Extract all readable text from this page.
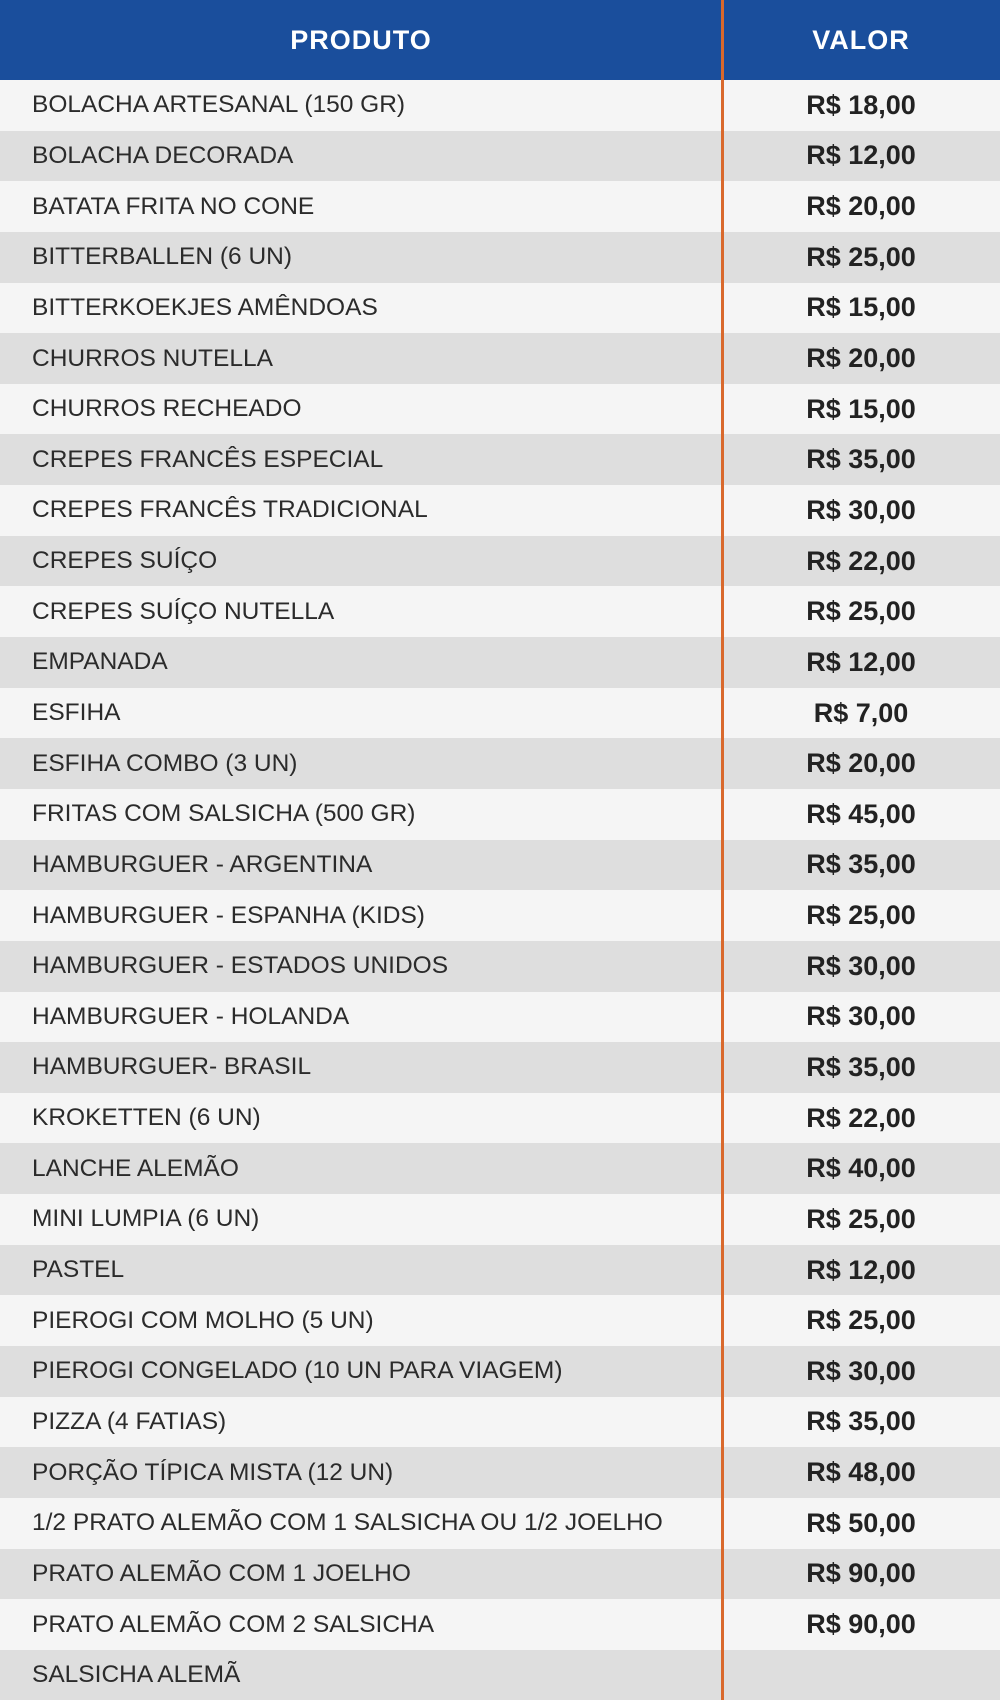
PRODUTO	VALOR
BOLACHA ARTESANAL (150 GR)	R$ 18,00
BOLACHA DECORADA	R$ 12,00
BATATA FRITA NO CONE	R$ 20,00
BITTERBALLEN (6 UN)	R$ 25,00
BITTERKOEKJES AMÊNDOAS	R$ 15,00
CHURROS NUTELLA	R$ 20,00
CHURROS RECHEADO	R$ 15,00
CREPES FRANCÊS ESPECIAL	R$ 35,00
CREPES FRANCÊS TRADICIONAL	R$ 30,00
CREPES SUÍÇO	R$ 22,00
CREPES SUÍÇO NUTELLA	R$ 25,00
EMPANADA	R$ 12,00
ESFIHA	R$ 7,00
ESFIHA COMBO (3 UN)	R$ 20,00
FRITAS COM SALSICHA (500 GR)	R$ 45,00
HAMBURGUER - ARGENTINA	R$ 35,00
HAMBURGUER - ESPANHA (KIDS)	R$ 25,00
HAMBURGUER - ESTADOS UNIDOS	R$ 30,00
HAMBURGUER - HOLANDA	R$ 30,00
HAMBURGUER- BRASIL	R$ 35,00
KROKETTEN (6 UN)	R$ 22,00
LANCHE ALEMÃO	R$ 40,00
MINI LUMPIA (6 UN)	R$ 25,00
PASTEL	R$ 12,00
PIEROGI COM MOLHO (5 UN)	R$ 25,00
PIEROGI CONGELADO (10 UN PARA VIAGEM)	R$ 30,00
PIZZA (4 FATIAS)	R$ 35,00
PORÇÃO TÍPICA MISTA (12 UN)	R$ 48,00
1/2 PRATO ALEMÃO COM 1 SALSICHA OU 1/2 JOELHO	R$ 50,00
PRATO ALEMÃO COM 1 JOELHO	R$ 90,00
PRATO ALEMÃO COM 2 SALSICHA	R$ 90,00
SALSICHA ALEMÃ
